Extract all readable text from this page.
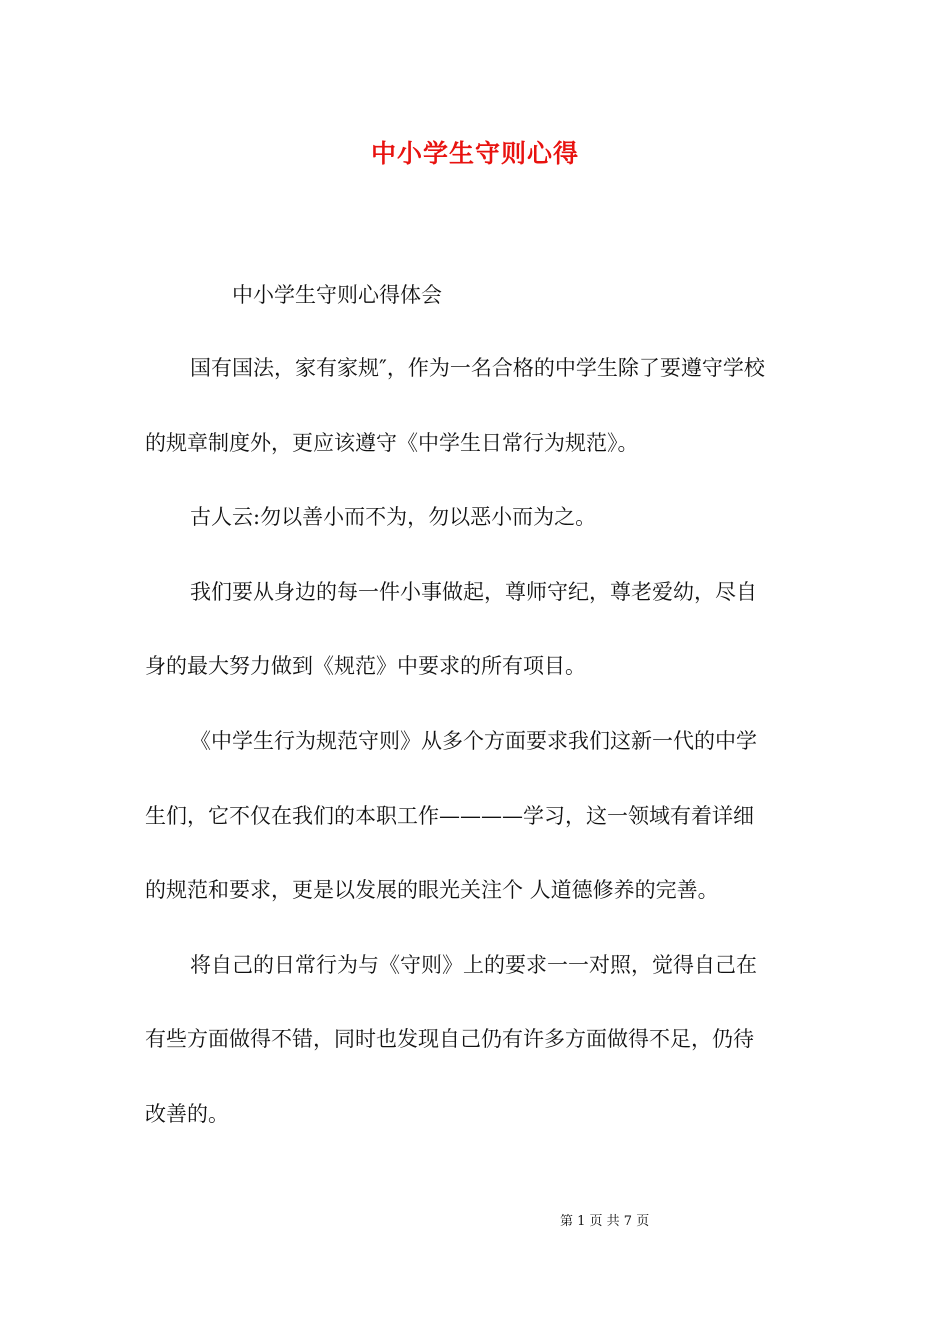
中小学生守则心得
中小学生守则心得体会
国有国法，家有家规″，作为一名合格的中学生除了要遵守学校
的规章制度外，更应该遵守《中学生日常行为规范》。
古人云:勿以善小而不为，勿以恶小而为之。
我们要从身边的每一件小事做起，尊师守纪，尊老爱幼，尽自
身的最大努力做到《规范》中要求的所有项目。
《中学生行为规范守则》从多个方面要求我们这新一代的中学
生们，它不仅在我们的本职工作————学习，这一领域有着详细
的规范和要求，更是以发展的眼光关注个 人道德修养的完善。
将自己的日常行为与《守则》上的要求一一对照，觉得自己在
有些方面做得不错，同时也发现自己仍有许多方面做得不足，仍待
改善的。
第 1 页 共 7 页
